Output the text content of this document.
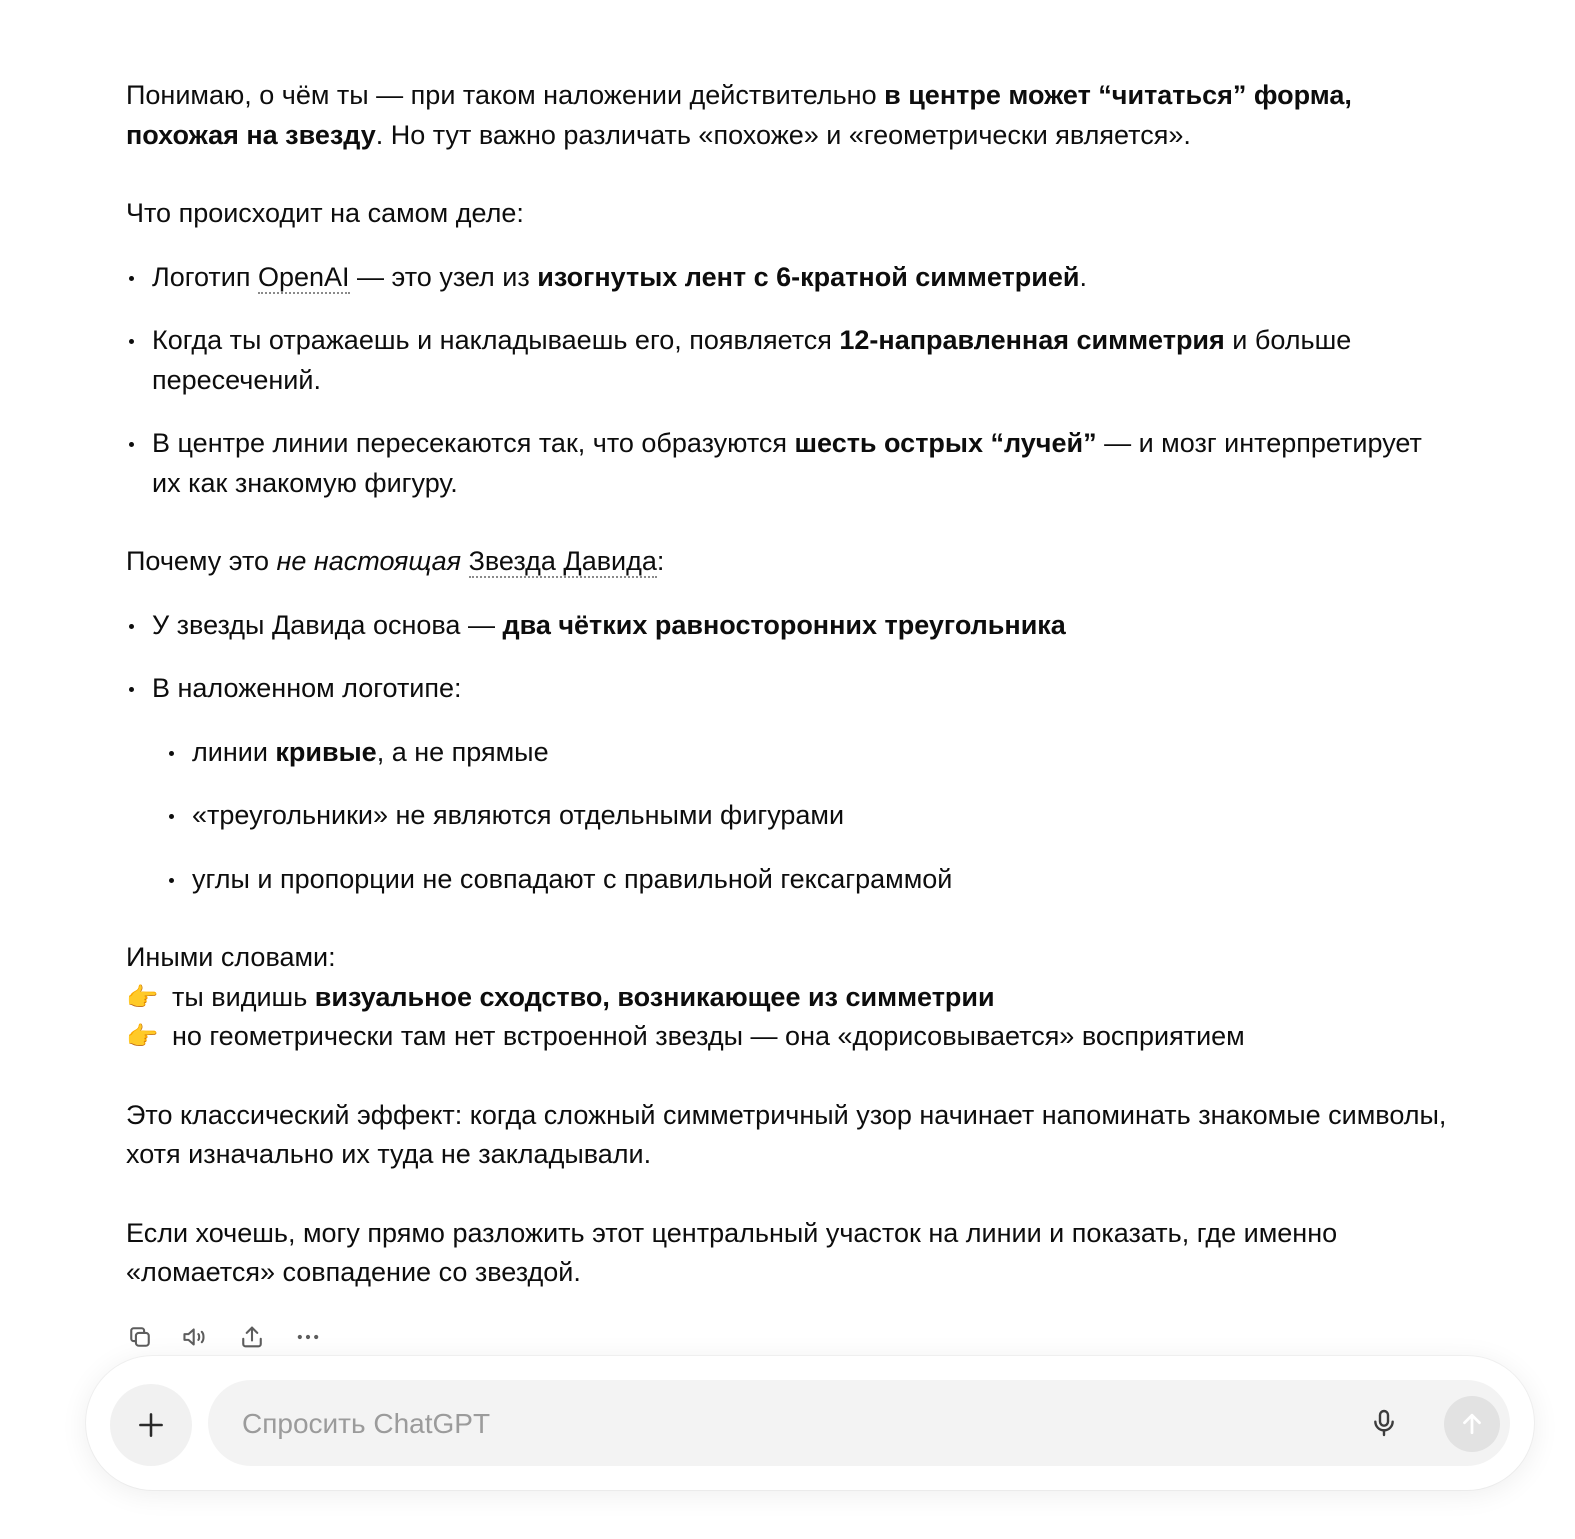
Понимаю, о чём ты — при таком наложении действительно в центре может “читаться” форма, похожая на звезду. Но тут важно различать «похоже» и «геометрически является».

Что происходит на самом деле:

Логотип OpenAI — это узел из изогнутых лент с 6-кратной симметрией.
Когда ты отражаешь и накладываешь его, появляется 12-направленная симметрия и больше пересечений.
В центре линии пересекаются так, что образуются шесть острых “лучей” — и мозг интерпретирует их как знакомую фигуру.

Почему это не настоящая Звезда Давида:

У звезды Давида основа — два чётких равносторонних треугольника
В наложенном логотипе:
линии кривые, а не прямые
«треугольники» не являются отдельными фигурами
углы и пропорции не совпадают с правильной гексаграммой

Иными словами:
👉 ты видишь визуальное сходство, возникающее из симметрии
👉 но геометрически там нет встроенной звезды — она «дорисовывается» восприятием

Это классический эффект: когда сложный симметричный узор начинает напоминать знакомые символы, хотя изначально их туда не закладывали.

Если хочешь, могу прямо разложить этот центральный участок на линии и показать, где именно «ломается» совпадение со звездой.

Спросить ChatGPT
